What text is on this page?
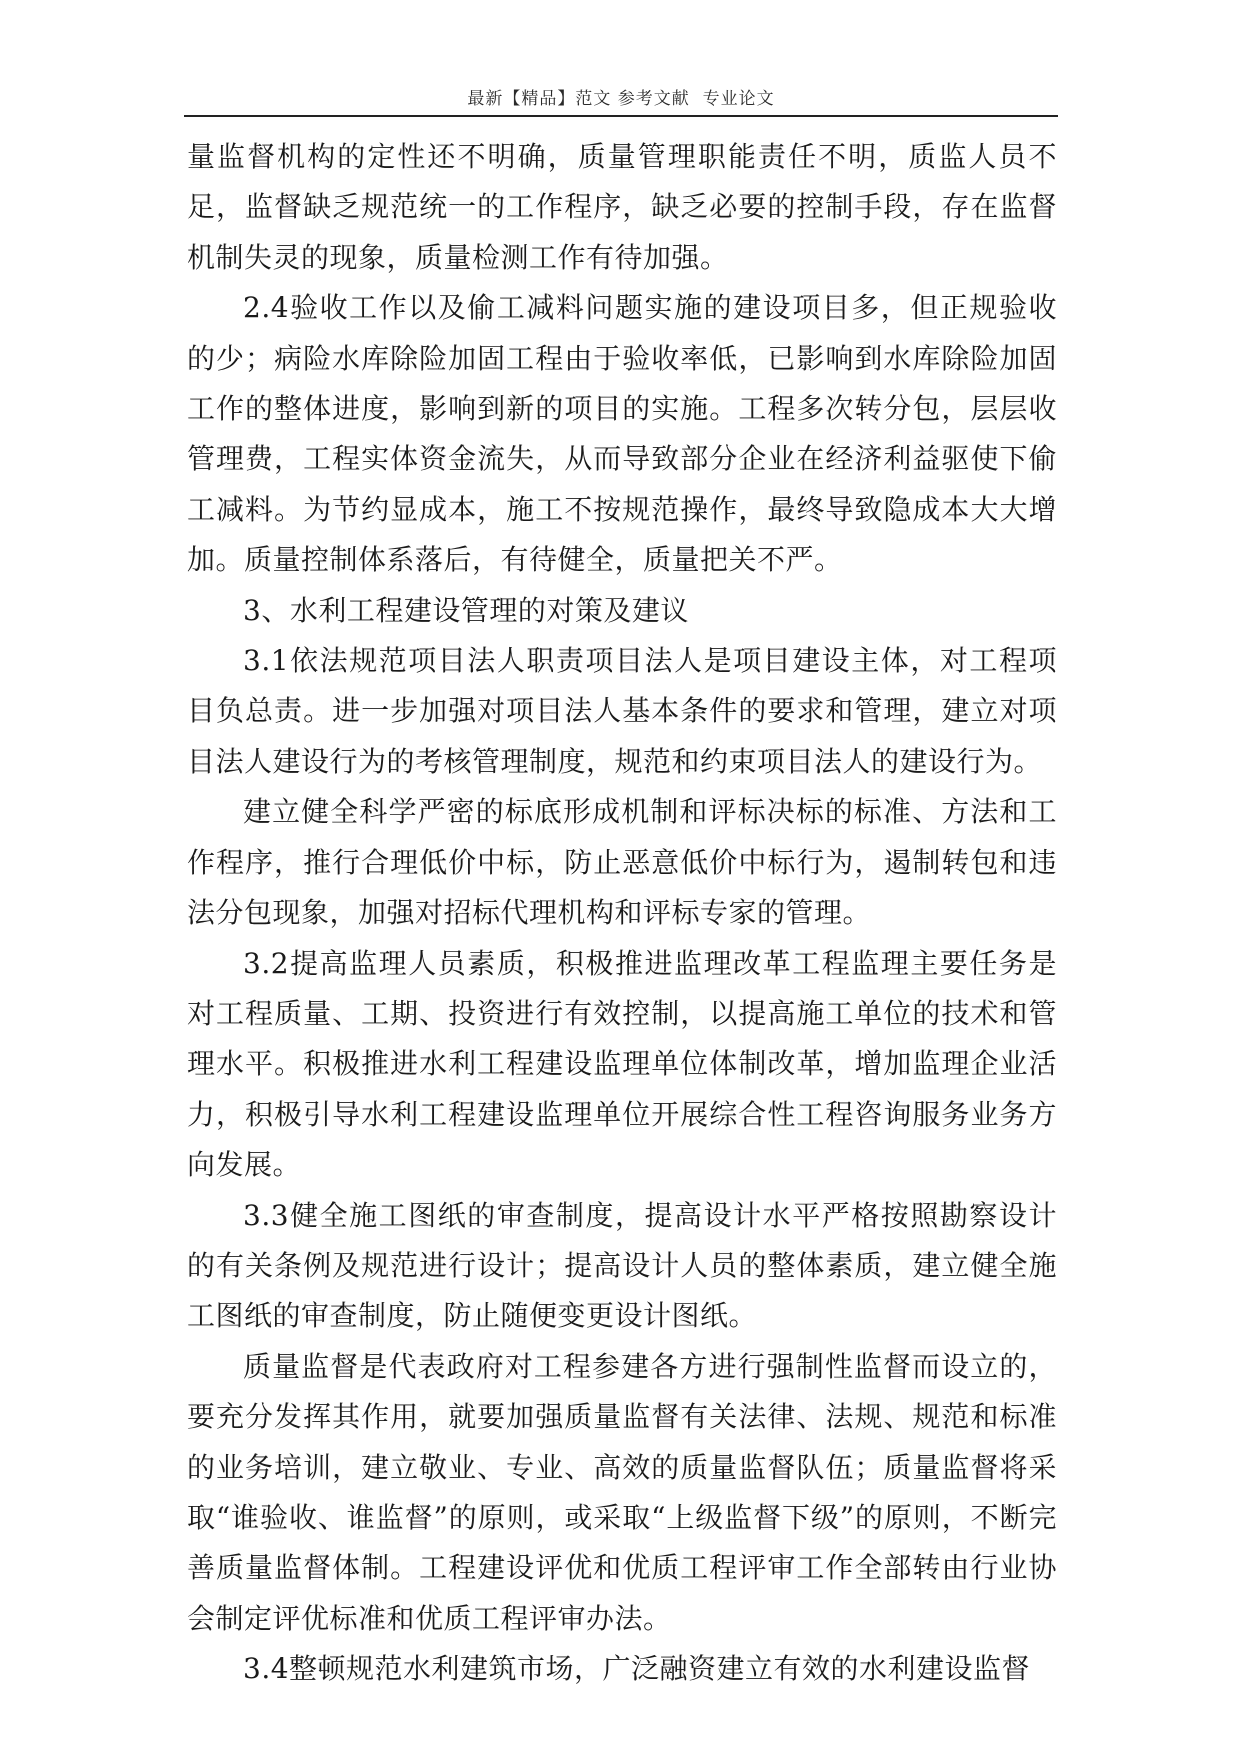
最新【精品】范文 参考文献  专业论文

量监督机构的定性还不明确，质量管理职能责任不明，质监人员不足，监督缺乏规范统一的工作程序，缺乏必要的控制手段，存在监督机制失灵的现象，质量检测工作有待加强。

2.4验收工作以及偷工减料问题实施的建设项目多，但正规验收的少；病险水库除险加固工程由于验收率低，已影响到水库除险加固工作的整体进度，影响到新的项目的实施。工程多次转分包，层层收管理费，工程实体资金流失，从而导致部分企业在经济利益驱使下偷工减料。为节约显成本，施工不按规范操作，最终导致隐成本大大增加。质量控制体系落后，有待健全，质量把关不严。

3、水利工程建设管理的对策及建议

3.1依法规范项目法人职责项目法人是项目建设主体，对工程项目负总责。进一步加强对项目法人基本条件的要求和管理，建立对项目法人建设行为的考核管理制度，规范和约束项目法人的建设行为。

建立健全科学严密的标底形成机制和评标决标的标准、方法和工作程序，推行合理低价中标，防止恶意低价中标行为，遏制转包和违法分包现象，加强对招标代理机构和评标专家的管理。

3.2提高监理人员素质，积极推进监理改革工程监理主要任务是对工程质量、工期、投资进行有效控制，以提高施工单位的技术和管理水平。积极推进水利工程建设监理单位体制改革，增加监理企业活力，积极引导水利工程建设监理单位开展综合性工程咨询服务业务方向发展。

3.3健全施工图纸的审查制度，提高设计水平严格按照勘察设计的有关条例及规范进行设计；提高设计人员的整体素质，建立健全施工图纸的审查制度，防止随便变更设计图纸。

质量监督是代表政府对工程参建各方进行强制性监督而设立的，要充分发挥其作用，就要加强质量监督有关法律、法规、规范和标准的业务培训，建立敬业、专业、高效的质量监督队伍；质量监督将采取“谁验收、谁监督”的原则，或采取“上级监督下级”的原则，不断完善质量监督体制。工程建设评优和优质工程评审工作全部转由行业协会制定评优标准和优质工程评审办法。

3.4整顿规范水利建筑市场，广泛融资建立有效的水利建设监督
